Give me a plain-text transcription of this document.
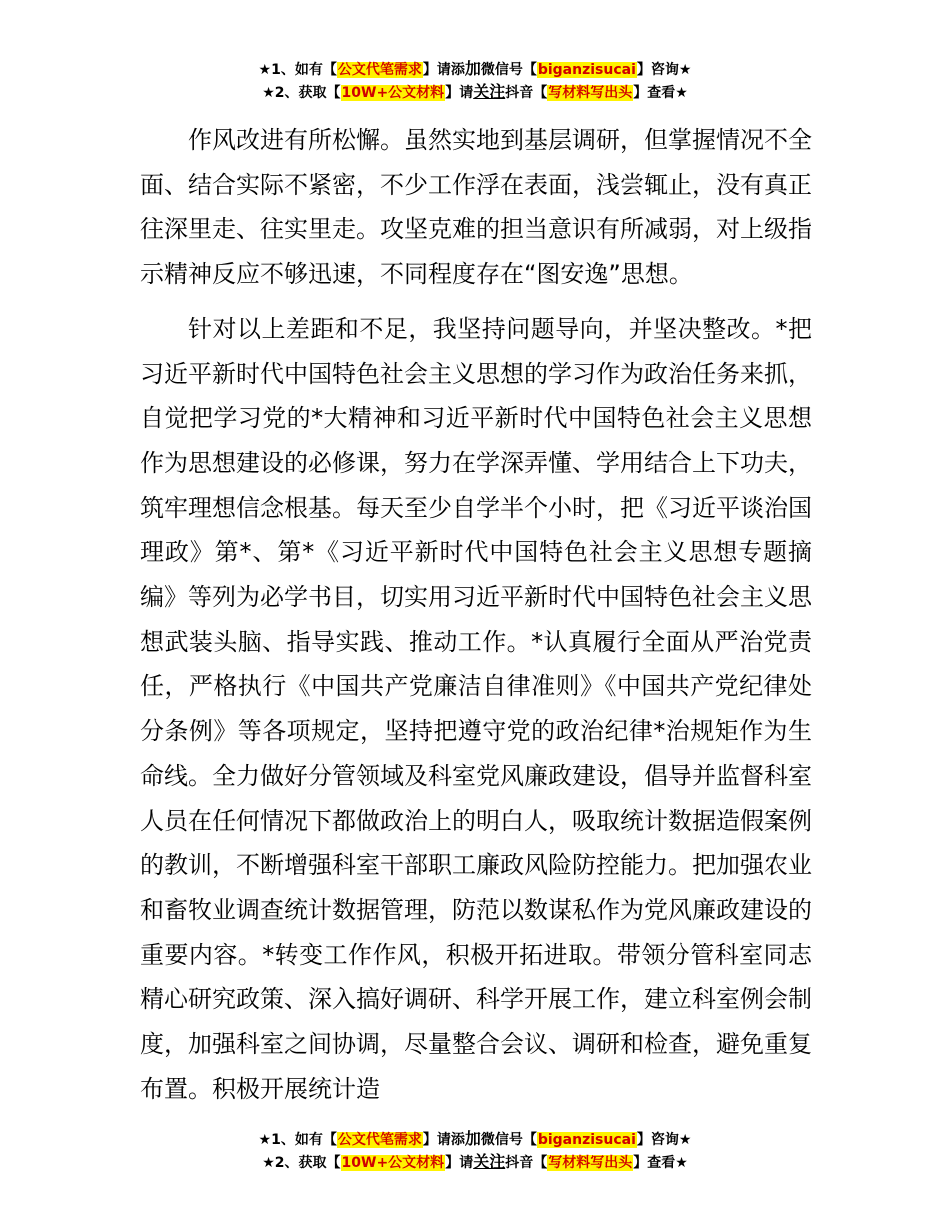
★1、如有【公文代笔需求】请添加微信号【biganzisucai】咨询★
★2、获取【10W+公文材料】请关注抖音【写材料写出头】查看★

作风改进有所松懈。虽然实地到基层调研，但掌握情况不全面、结合实际不紧密，不少工作浮在表面，浅尝辄止，没有真正往深里走、往实里走。攻坚克难的担当意识有所减弱，对上级指示精神反应不够迅速，不同程度存在“图安逸”思想。

针对以上差距和不足，我坚持问题导向，并坚决整改。*把习近平新时代中国特色社会主义思想的学习作为政治任务来抓，自觉把学习党的*大精神和习近平新时代中国特色社会主义思想作为思想建设的必修课，努力在学深弄懂、学用结合上下功夫，筑牢理想信念根基。每天至少自学半个小时，把《习近平谈治国理政》第*、第*《习近平新时代中国特色社会主义思想专题摘编》等列为必学书目，切实用习近平新时代中国特色社会主义思想武装头脑、指导实践、推动工作。*认真履行全面从严治党责任，严格执行《中国共产党廉洁自律准则》《中国共产党纪律处分条例》等各项规定，坚持把遵守党的政治纪律*治规矩作为生命线。全力做好分管领域及科室党风廉政建设，倡导并监督科室人员在任何情况下都做政治上的明白人，吸取统计数据造假案例的教训，不断增强科室干部职工廉政风险防控能力。把加强农业和畜牧业调查统计数据管理，防范以数谋私作为党风廉政建设的重要内容。*转变工作作风，积极开拓进取。带领分管科室同志精心研究政策、深入搞好调研、科学开展工作，建立科室例会制度，加强科室之间协调，尽量整合会议、调研和检查，避免重复布置。积极开展统计造

★1、如有【公文代笔需求】请添加微信号【biganzisucai】咨询★
★2、获取【10W+公文材料】请关注抖音【写材料写出头】查看★
